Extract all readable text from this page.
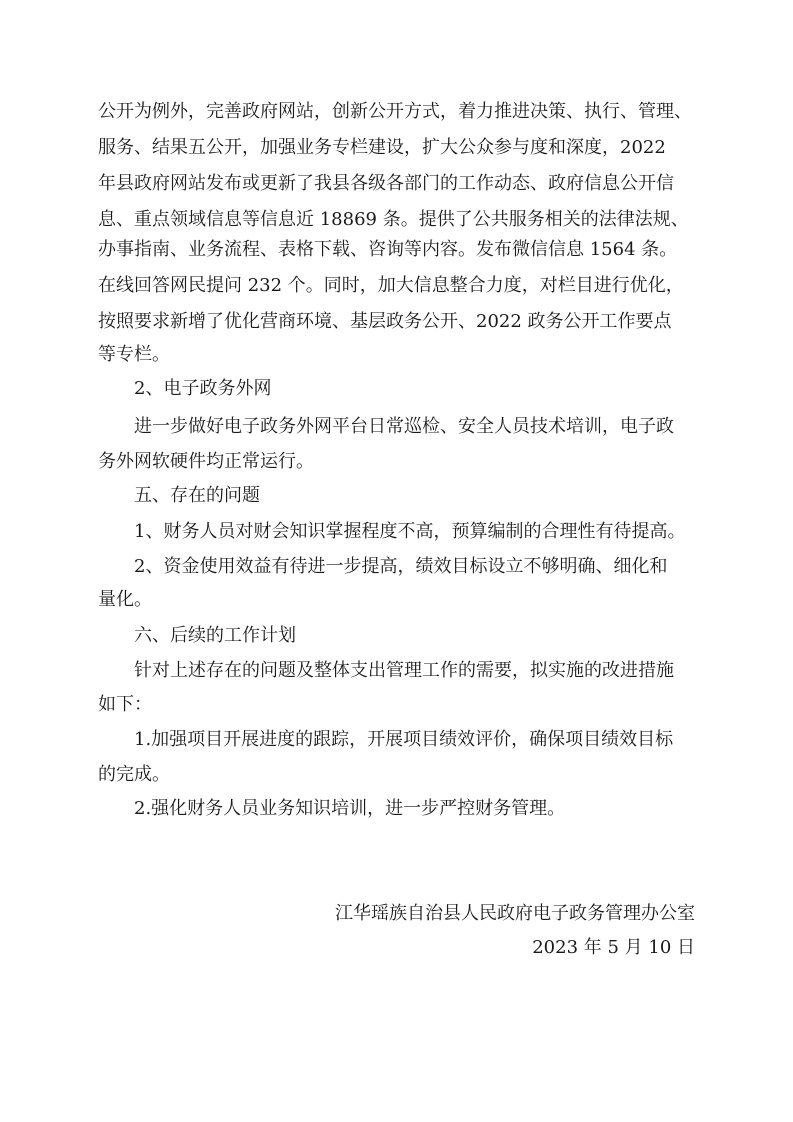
公开为例外，完善政府网站，创新公开方式，着力推进决策、执行、管理、
服务、结果五公开，加强业务专栏建设，扩大公众参与度和深度，2022
年县政府网站发布或更新了我县各级各部门的工作动态、政府信息公开信
息、重点领域信息等信息近 18869 条。提供了公共服务相关的法律法规、
办事指南、业务流程、表格下载、咨询等内容。发布微信信息 1564 条。
在线回答网民提问 232 个。同时，加大信息整合力度，对栏目进行优化，
按照要求新增了优化营商环境、基层政务公开、2022 政务公开工作要点
等专栏。
2、电子政务外网
进一步做好电子政务外网平台日常巡检、安全人员技术培训，电子政
务外网软硬件均正常运行。
五、存在的问题
1、财务人员对财会知识掌握程度不高，预算编制的合理性有待提高。
2、资金使用效益有待进一步提高，绩效目标设立不够明确、细化和
量化。
六、后续的工作计划
针对上述存在的问题及整体支出管理工作的需要，拟实施的改进措施
如下：
1.加强项目开展进度的跟踪，开展项目绩效评价，确保项目绩效目标
的完成。
2.强化财务人员业务知识培训，进一步严控财务管理。
江华瑶族自治县人民政府电子政务管理办公室
2023 年 5 月 10 日
